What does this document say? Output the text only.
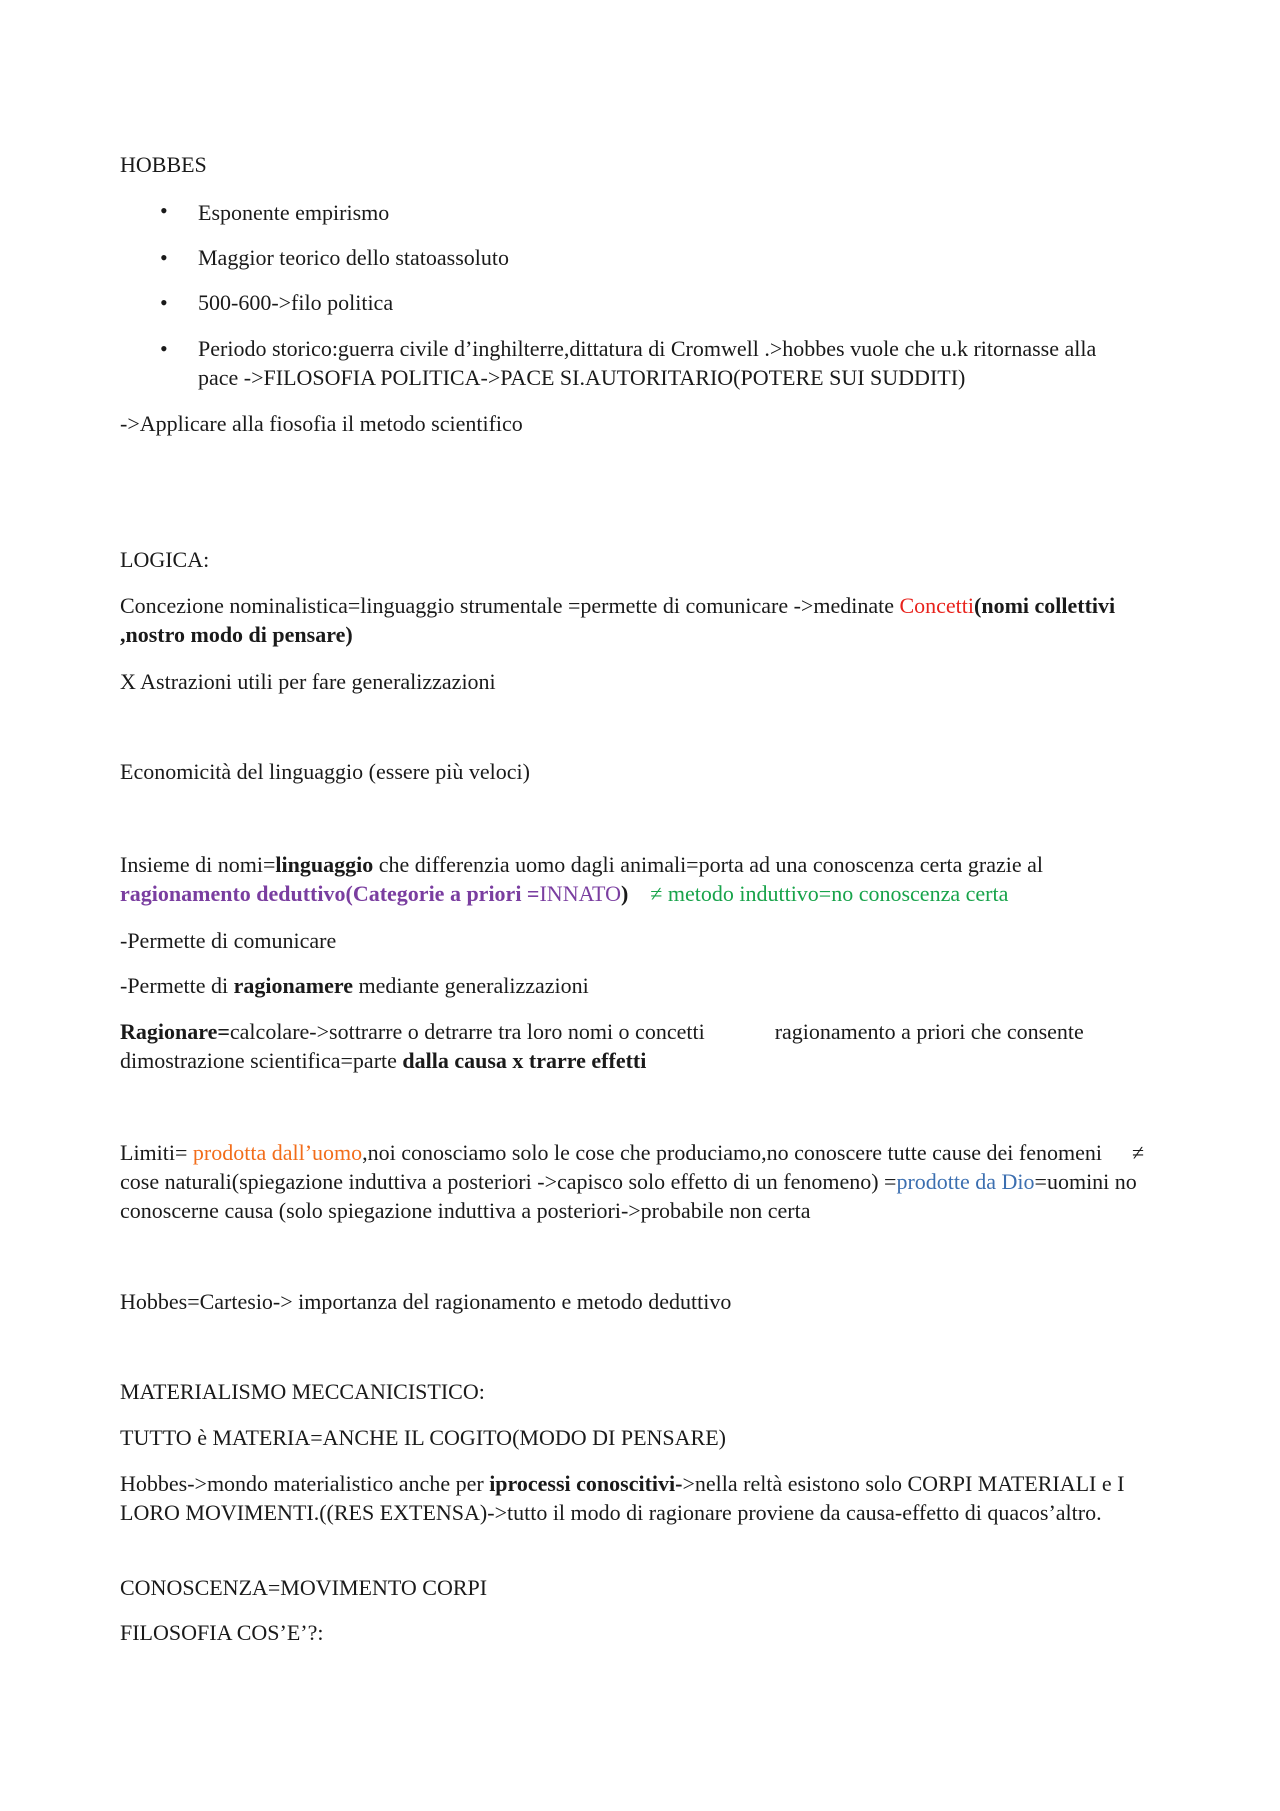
HOBBES

• Esponente empirismo

• Maggior teorico dello statoassoluto

• 500-600->filo politica

• Periodo storico:guerra civile d’inghilterre,dittatura di Cromwell .>hobbes vuole che u.k ritornasse alla pace ->FILOSOFIA POLITICA->PACE SI.AUTORITARIO(POTERE SUI SUDDITI)

->Applicare alla fiosofia il metodo scientifico

LOGICA:

Concezione nominalistica=linguaggio strumentale =permette di comunicare ->medinate Concetti(nomi collettivi ,nostro modo di pensare)

X Astrazioni utili per fare generalizzazioni

Economicità del linguaggio (essere più veloci)

Insieme di nomi=linguaggio che differenzia uomo dagli animali=porta ad una conoscenza certa grazie al ragionamento deduttivo(Categorie a priori =INNATO) ≠ metodo induttivo=no conoscenza certa

-Permette di comunicare

-Permette di ragionamere mediante generalizzazioni

Ragionare=calcolare->sottrarre o detrarre tra loro nomi o concetti	ragionamento a priori che consente dimostrazione scientifica=parte dalla causa x trarre effetti

Limiti= prodotta dall’uomo,noi conosciamo solo le cose che produciamo,no conoscere tutte cause dei fenomeni ≠ cose naturali(spiegazione induttiva a posteriori ->capisco solo effetto di un fenomeno) =prodotte da Dio=uomini no conoscerne causa (solo spiegazione induttiva a posteriori->probabile non certa

Hobbes=Cartesio-> importanza del ragionamento e metodo deduttivo

MATERIALISMO MECCANICISTICO:

TUTTO è MATERIA=ANCHE IL COGITO(MODO DI PENSARE)

Hobbes->mondo materialistico anche per iprocessi conoscitivi->nella reltà esistono solo CORPI MATERIALI e I LORO MOVIMENTI.((RES EXTENSA)->tutto il modo di ragionare proviene da causa-effetto di quacos’altro.

CONOSCENZA=MOVIMENTO CORPI

FILOSOFIA COS’E’?:
